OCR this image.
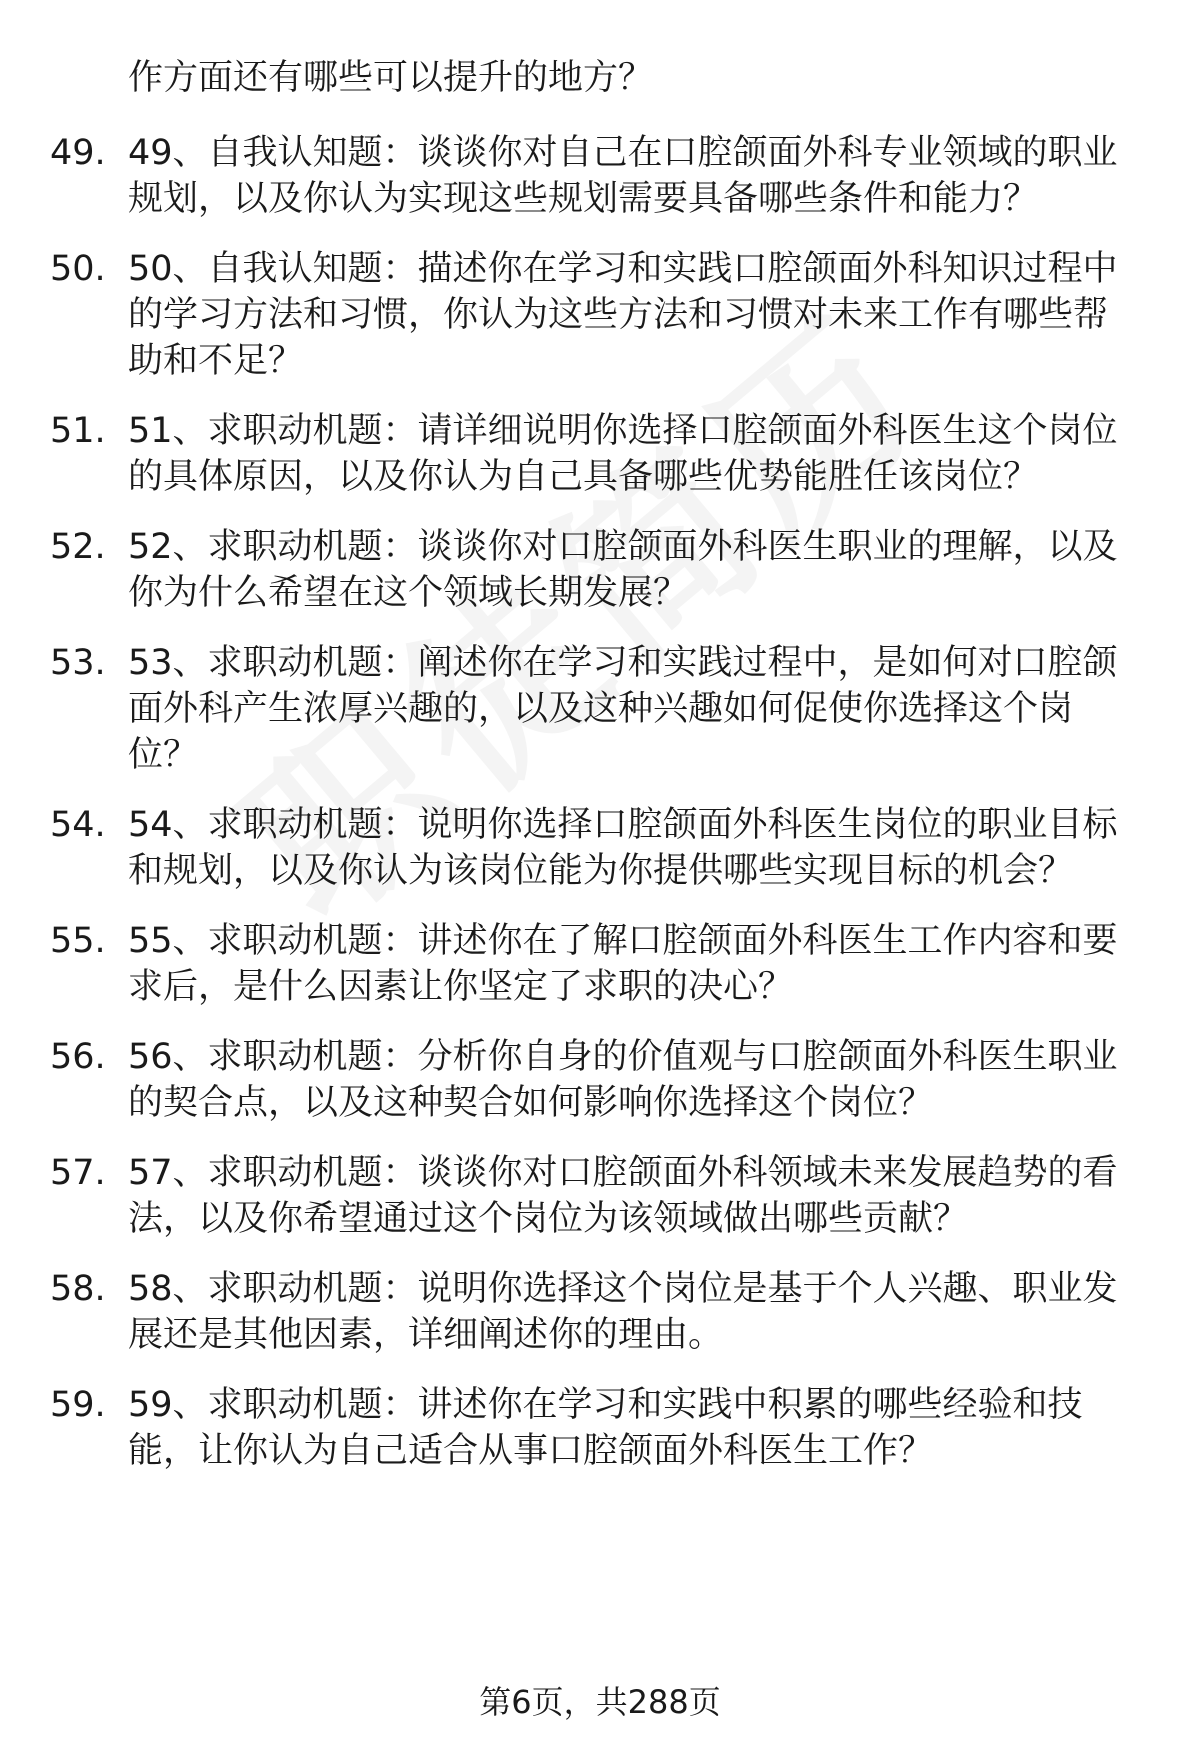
作方面还有哪些可以提升的地方？
49. 49、自我认知题：谈谈你对自己在口腔颌面外科专业领域的职业
规划，以及你认为实现这些规划需要具备哪些条件和能力？
50. 50、自我认知题：描述你在学习和实践口腔颌面外科知识过程中
的学习方法和习惯，你认为这些方法和习惯对未来工作有哪些帮
助和不足？
51. 51、求职动机题：请详细说明你选择口腔颌面外科医生这个岗位
的具体原因，以及你认为自己具备哪些优势能胜任该岗位？
52. 52、求职动机题：谈谈你对口腔颌面外科医生职业的理解，以及
你为什么希望在这个领域长期发展？
53. 53、求职动机题：阐述你在学习和实践过程中，是如何对口腔颌
面外科产生浓厚兴趣的，以及这种兴趣如何促使你选择这个岗
位？
54. 54、求职动机题：说明你选择口腔颌面外科医生岗位的职业目标
和规划，以及你认为该岗位能为你提供哪些实现目标的机会？
55. 55、求职动机题：讲述你在了解口腔颌面外科医生工作内容和要
求后，是什么因素让你坚定了求职的决心？
56. 56、求职动机题：分析你自身的价值观与口腔颌面外科医生职业
的契合点，以及这种契合如何影响你选择这个岗位？
57. 57、求职动机题：谈谈你对口腔颌面外科领域未来发展趋势的看
法，以及你希望通过这个岗位为该领域做出哪些贡献？
58. 58、求职动机题：说明你选择这个岗位是基于个人兴趣、职业发
展还是其他因素，详细阐述你的理由。
59. 59、求职动机题：讲述你在学习和实践中积累的哪些经验和技
能，让你认为自己适合从事口腔颌面外科医生工作？
第6页，共288页
